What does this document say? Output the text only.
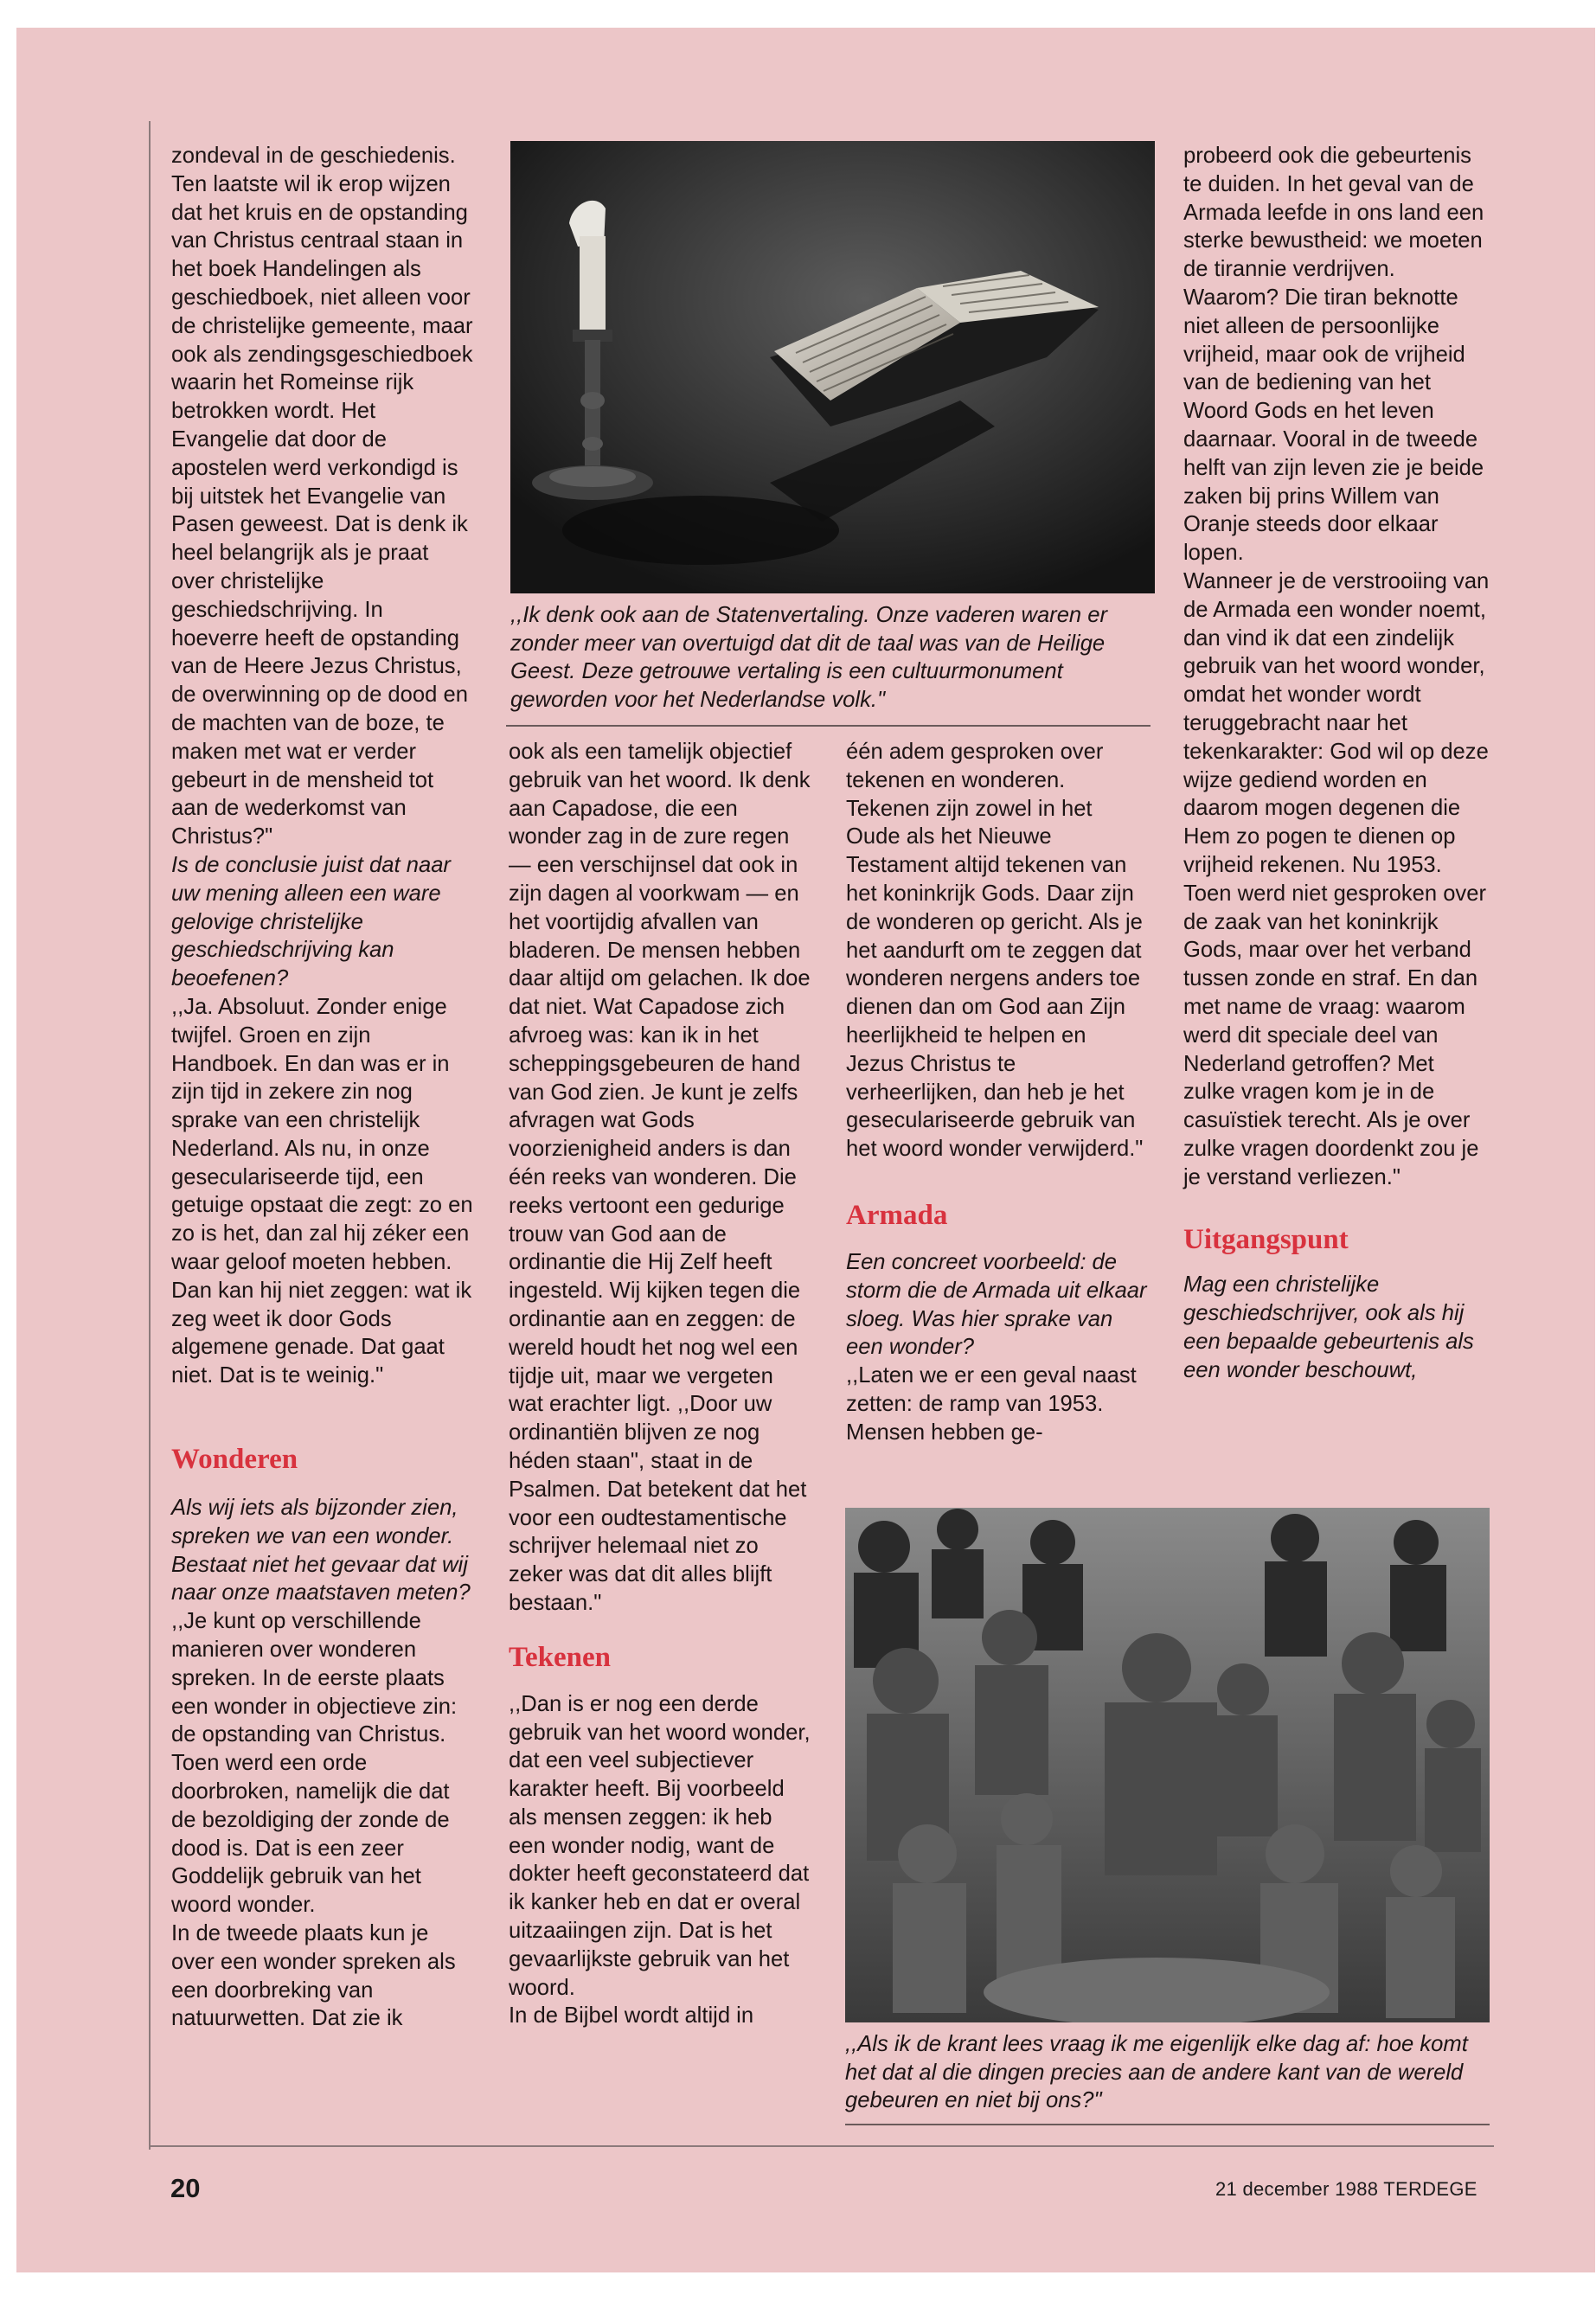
zondeval in de geschiedenis.

Ten laatste wil ik erop wijzen dat het kruis en de opstanding van Christus centraal staan in het boek Handelingen als geschiedboek, niet alleen voor de christelijke gemeente, maar ook als zendingsgeschiedboek waarin het Romeinse rijk betrokken wordt. Het Evangelie dat door de apostelen werd verkondigd is bij uitstek het Evangelie van Pasen geweest. Dat is denk ik heel belangrijk als je praat over christelijke geschiedschrijving. In hoeverre heeft de opstanding van de Heere Jezus Christus, de overwinning op de dood en de machten van de boze, te maken met wat er verder gebeurt in de mensheid tot aan de wederkomst van Christus?"

Is de conclusie juist dat naar uw mening alleen een ware gelovige christelijke geschiedschrijving kan beoefenen?

,,Ja. Absoluut. Zonder enige twijfel. Groen en zijn Handboek. En dan was er in zijn tijd in zekere zin nog sprake van een christelijk Nederland. Als nu, in onze geseculariseerde tijd, een getuige opstaat die zegt: zo en zo is het, dan zal hij zéker een waar geloof moeten hebben. Dan kan hij niet zeggen: wat ik zeg weet ik door Gods algemene genade. Dat gaat niet. Dat is te weinig."

Wonderen

Als wij iets als bijzonder zien, spreken we van een wonder. Bestaat niet het gevaar dat wij naar onze maatstaven meten?

,,Je kunt op verschillende manieren over wonderen spreken. In de eerste plaats een wonder in objectieve zin: de opstanding van Christus. Toen werd een orde doorbroken, namelijk die dat de bezoldiging der zonde de dood is. Dat is een zeer Goddelijk gebruik van het woord wonder.

In de tweede plaats kun je over een wonder spreken als een doorbreking van natuurwetten. Dat zie ik

,,Ik denk ook aan de Statenvertaling. Onze vaderen waren er zonder meer van overtuigd dat dit de taal was van de Heilige Geest. Deze getrouwe vertaling is een cultuurmonument geworden voor het Nederlandse volk."

ook als een tamelijk objectief gebruik van het woord. Ik denk aan Capadose, die een wonder zag in de zure regen — een verschijnsel dat ook in zijn dagen al voorkwam — en het voortijdig afvallen van bladeren. De mensen hebben daar altijd om gelachen. Ik doe dat niet. Wat Capadose zich afvroeg was: kan ik in het scheppingsgebeuren de hand van God zien. Je kunt je zelfs afvragen wat Gods voorzienigheid anders is dan één reeks van wonderen. Die reeks vertoont een gedurige trouw van God aan de ordinantie die Hij Zelf heeft ingesteld. Wij kijken tegen die ordinantie aan en zeggen: de wereld houdt het nog wel een tijdje uit, maar we vergeten wat erachter ligt. ,,Door uw ordinantiën blijven ze nog héden staan", staat in de Psalmen. Dat betekent dat het voor een oudtestamentische schrijver helemaal niet zo zeker was dat dit alles blijft bestaan."

Tekenen

,,Dan is er nog een derde gebruik van het woord wonder, dat een veel subjectiever karakter heeft. Bij voorbeeld als mensen zeggen: ik heb een wonder nodig, want de dokter heeft geconstateerd dat ik kanker heb en dat er overal uitzaaiingen zijn. Dat is het gevaarlijkste gebruik van het woord.

In de Bijbel wordt altijd in

één adem gesproken over tekenen en wonderen. Tekenen zijn zowel in het Oude als het Nieuwe Testament altijd tekenen van het koninkrijk Gods. Daar zijn de wonderen op gericht. Als je het aandurft om te zeggen dat wonderen nergens anders toe dienen dan om God aan Zijn heerlijkheid te helpen en Jezus Christus te verheerlijken, dan heb je het geseculariseerde gebruik van het woord wonder verwijderd."

Armada

Een concreet voorbeeld: de storm die de Armada uit elkaar sloeg. Was hier sprake van een wonder?

,,Laten we er een geval naast zetten: de ramp van 1953. Mensen hebben ge-

probeerd ook die gebeurtenis te duiden. In het geval van de Armada leefde in ons land een sterke bewustheid: we moeten de tirannie verdrijven. Waarom? Die tiran beknotte niet alleen de persoonlijke vrijheid, maar ook de vrijheid van de bediening van het Woord Gods en het leven daarnaar. Vooral in de tweede helft van zijn leven zie je beide zaken bij prins Willem van Oranje steeds door elkaar lopen.

Wanneer je de verstrooiing van de Armada een wonder noemt, dan vind ik dat een zindelijk gebruik van het woord wonder, omdat het wonder wordt teruggebracht naar het tekenkarakter: God wil op deze wijze gediend worden en daarom mogen degenen die Hem zo pogen te dienen op vrijheid rekenen. Nu 1953. Toen werd niet gesproken over de zaak van het koninkrijk Gods, maar over het verband tussen zonde en straf. En dan met name de vraag: waarom werd dit speciale deel van Nederland getroffen? Met zulke vragen kom je in de casuïstiek terecht. Als je over zulke vragen doordenkt zou je je verstand verliezen."

Uitgangspunt

Mag een christelijke geschiedschrijver, ook als hij een bepaalde gebeurtenis als een wonder beschouwt,

,,Als ik de krant lees vraag ik me eigenlijk elke dag af: hoe komt het dat al die dingen precies aan de andere kant van de wereld gebeuren en niet bij ons?"
20	21 december 1988 TERDEGE
